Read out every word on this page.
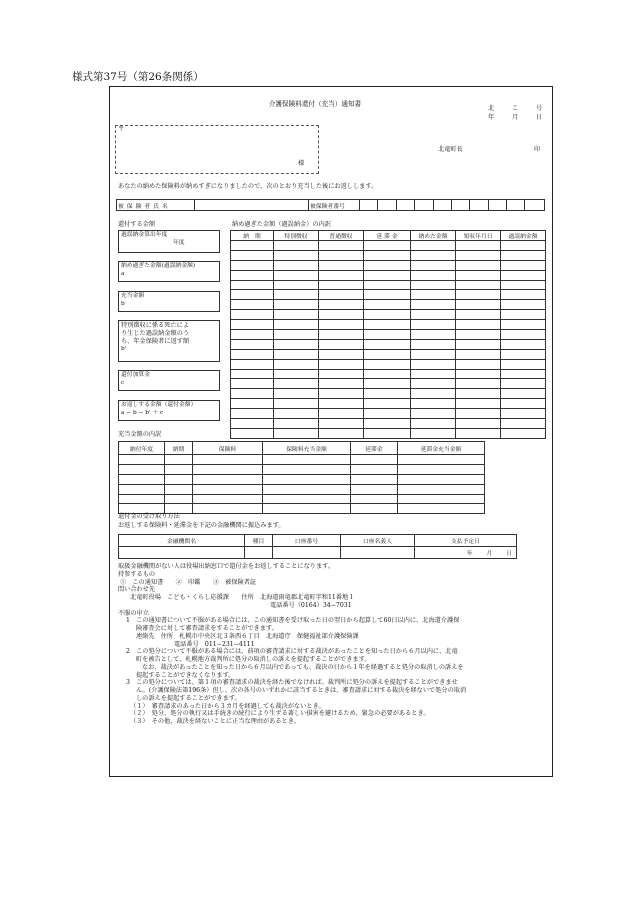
様式第37号（第26条関係）
介護保険料還付（充当）通知書
北	こ	号
年	月	日
〒
様
北竜町長	印
あなたの納めた保険料が納めすぎになりましたので、次のとおり充当した後にお返しします。
被保険者氏名		被保険者番号										
還付する金額	納め過ぎた金額（過誤納金）の内訳
過誤納金算出年度
年度
納め過ぎた金額(過誤納金額)
a
充当金額
b
特別徴収に係る死亡によ
り生じた過誤納金額のう
ち、年金保険者に返す額
b'
還付加算金
c
お返しする金額（還付金額）
a − b − b' ＋ c
納　期	特別徴収	普通徴収	延 滞 金	納めた金額	領収年月日	過誤納金額

充当金額の内訳
納付年度	納期	保険料	保険料充当金額	延滞金	延滞金充当金額

還付金の受け取り方法
お返しする保険料・延滞金を下記の金融機関に振込みます。
金融機関名	種目	口座番号	口座名義人	支払予定日
				年 月 日
取扱金融機関がない人は役場出納窓口で還付金をお返しすることになります。
持参するもの
①　この通知書　　②　印鑑　　③　被保険者証
問い合わせ先
北竜町役場　こども・くらし応援課　　住所　北海道雨竜郡北竜町字和11番地１
電話番号（0164）34−7031
不服の申立
1　この通知書について不服がある場合には、この通知書を受け取った日の翌日から起算して60日以内に、北海道介護保
険審査会に対して審査請求をすることができます。
連絡先　住所　札幌市中央区北３条西６丁目　北海道庁　保健福祉部介護保険課
電話番号　011−231−4111
2　この処分について不服がある場合には、前項の審査請求に対する裁決があったことを知った日から６月以内に、北竜
町を被告として、札幌地方裁判所に処分の取消しの訴えを提起することができます。
なお、裁決があったことを知った日から６月以内であっても、裁決の日から１年を経過すると処分の取消しの訴えを
提起することができなくなります。
3　この処分については、第１項の審査請求の裁決を経た後でなければ、裁判所に処分の訴えを提起することができませ
ん。(介護保険法第196条）但し、次の各号のいずれかに該当するときは、審査請求に対する裁決を経ないで処分の取消
しの訴えを提起することができます。
（１）　審査請求のあった日から３カ月を経過しても裁決がないとき。
（２）　処分、処分の執行又は手続きの続行により生ずる著しい損害を避けるため、緊急の必要があるとき。
（３）　その他、裁決を経ないことに正当な理由があるとき。
